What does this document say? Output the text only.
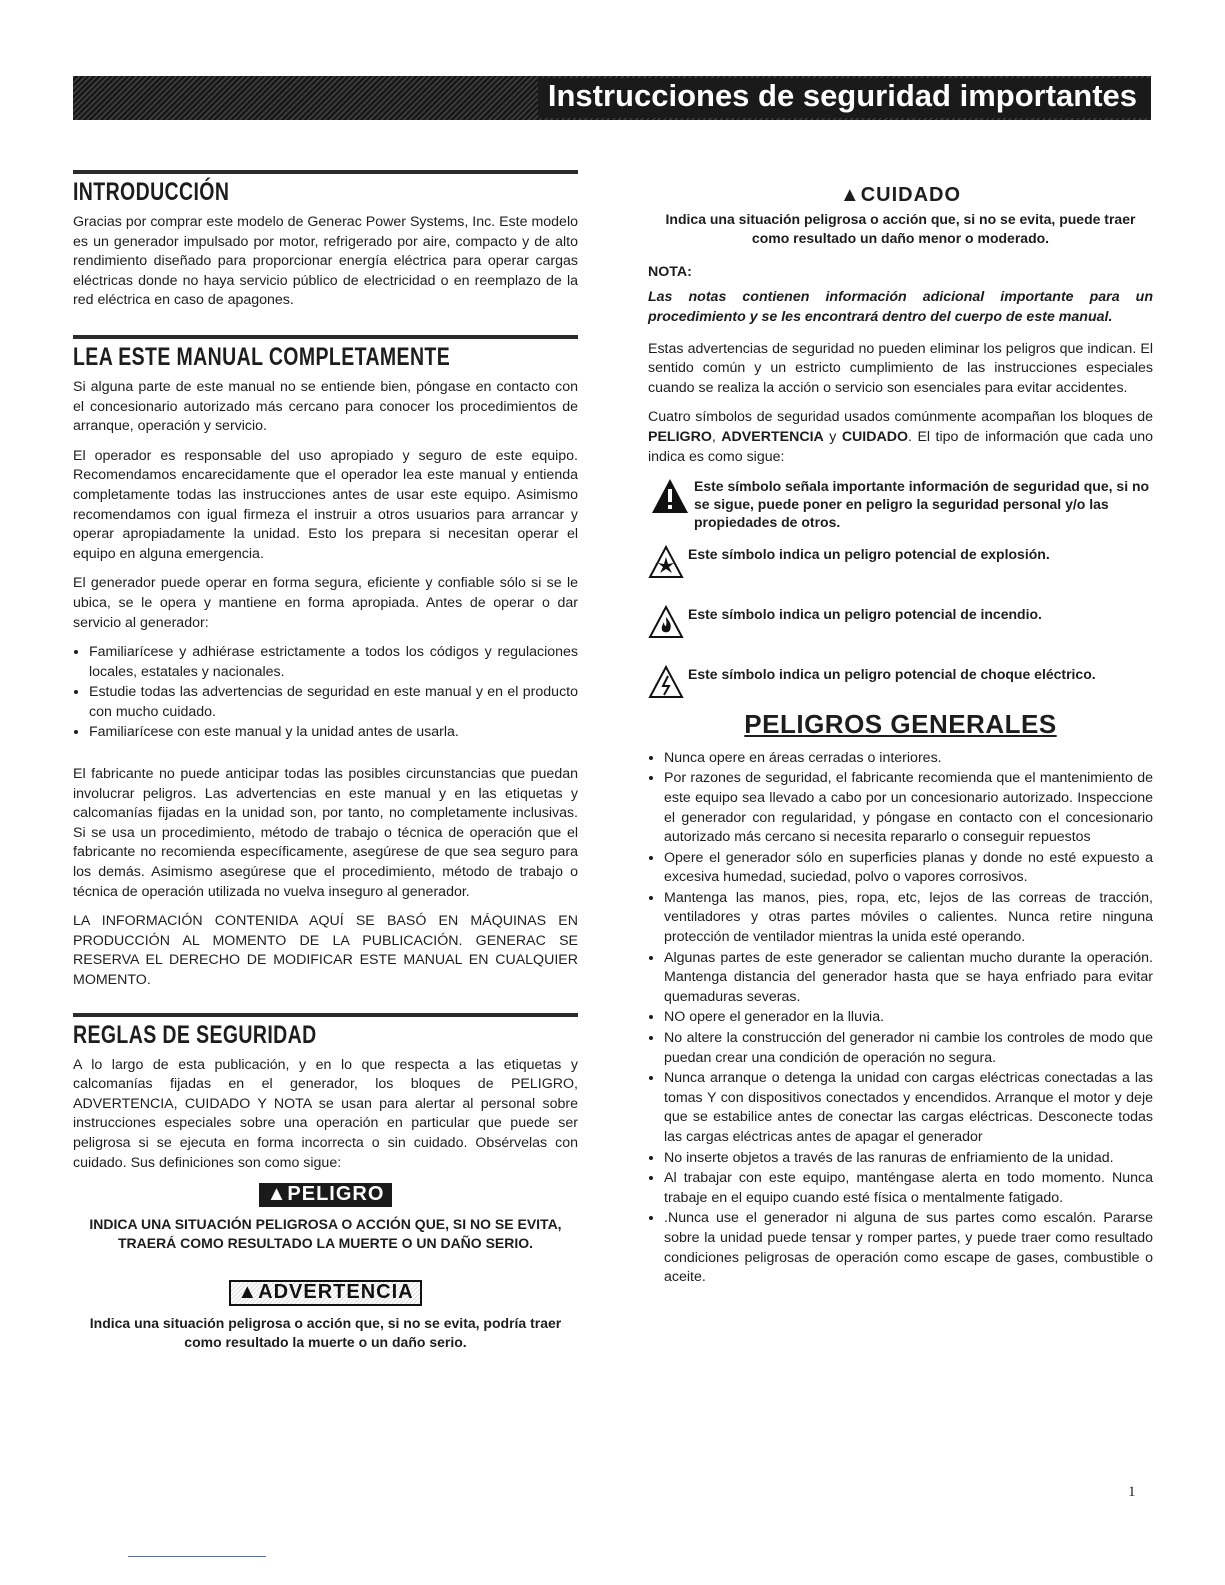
Instrucciones de seguridad importantes
INTRODUCCIÓN

Gracias por comprar este modelo de Generac Power Systems, Inc. Este modelo es un generador impulsado por motor, refrigerado por aire, compacto y de alto rendimiento diseñado para proporcionar energía eléctrica para operar cargas eléctricas donde no haya servicio público de electricidad o en reemplazo de la red eléctrica en caso de apagones.

LEA ESTE MANUAL COMPLETAMENTE

Si alguna parte de este manual no se entiende bien, póngase en contacto con el concesionario autorizado más cercano para conocer los procedimientos de arranque, operación y servicio.

El operador es responsable del uso apropiado y seguro de este equipo. Recomendamos encarecidamente que el operador lea este manual y entienda completamente todas las instrucciones antes de usar este equipo. Asimismo recomendamos con igual firmeza el instruir a otros usuarios para arrancar y operar apropiadamente la unidad. Esto los prepara si necesitan operar el equipo en alguna emergencia.

El generador puede operar en forma segura, eficiente y confiable sólo si se le ubica, se le opera y mantiene en forma apropiada. Antes de operar o dar servicio al generador:

• Familiarícese y adhiérase estrictamente a todos los códigos y regulaciones locales, estatales y nacionales.
• Estudie todas las advertencias de seguridad en este manual y en el producto con mucho cuidado.
• Familiarícese con este manual y la unidad antes de usarla.

El fabricante no puede anticipar todas las posibles circunstancias que puedan involucrar peligros. Las advertencias en este manual y en las etiquetas y calcomanías fijadas en la unidad son, por tanto, no completamente inclusivas. Si se usa un procedimiento, método de trabajo o técnica de operación que el fabricante no recomienda específicamente, asegúrese de que sea seguro para los demás. Asimismo asegúrese que el procedimiento, método de trabajo o técnica de operación utilizada no vuelva inseguro al generador.

LA INFORMACIÓN CONTENIDA AQUÍ SE BASÓ EN MÁQUINAS EN PRODUCCIÓN AL MOMENTO DE LA PUBLICACIÓN. GENERAC SE RESERVA EL DERECHO DE MODIFICAR ESTE MANUAL EN CUALQUIER MOMENTO.

REGLAS DE SEGURIDAD

A lo largo de esta publicación, y en lo que respecta a las etiquetas y calcomanías fijadas en el generador, los bloques de PELIGRO, ADVERTENCIA, CUIDADO Y NOTA se usan para alertar al personal sobre instrucciones especiales sobre una operación en particular que puede ser peligrosa si se ejecuta en forma incorrecta o sin cuidado. Obsérvelas con cuidado. Sus definiciones son como sigue:

▲PELIGRO
INDICA UNA SITUACIÓN PELIGROSA O ACCIÓN QUE, SI NO SE EVITA, TRAERÁ COMO RESULTADO LA MUERTE O UN DAÑO SERIO.
▲ADVERTENCIA
Indica una situación peligrosa o acción que, si no se evita, podría traer como resultado la muerte o un daño serio.
▲CUIDADO
Indica una situación peligrosa o acción que, si no se evita, puede traer como resultado un daño menor o moderado.
NOTA:
Las notas contienen información adicional importante para un procedimiento y se les encontrará dentro del cuerpo de este manual.

Estas advertencias de seguridad no pueden eliminar los peligros que indican. El sentido común y un estricto cumplimiento de las instrucciones especiales cuando se realiza la acción o servicio son esenciales para evitar accidentes.

Cuatro símbolos de seguridad usados comúnmente acompañan los bloques de PELIGRO, ADVERTENCIA y CUIDADO. El tipo de información que cada uno indica es como sigue:

Este símbolo señala importante información de seguridad que, si no se sigue, puede poner en peligro la seguridad personal y/o las propiedades de otros.
Este símbolo indica un peligro potencial de explosión.
Este símbolo indica un peligro potencial de incendio.
Este símbolo indica un peligro potencial de choque eléctrico.
PELIGROS GENERALES
• Nunca opere en áreas cerradas o interiores.
• Por razones de seguridad, el fabricante recomienda que el mantenimiento de este equipo sea llevado a cabo por un concesionario autorizado. Inspeccione el generador con regularidad, y póngase en contacto con el concesionario autorizado más cercano si necesita repararlo o conseguir repuestos
• Opere el generador sólo en superficies planas y donde no esté expuesto a excesiva humedad, suciedad, polvo o vapores corrosivos.
• Mantenga las manos, pies, ropa, etc, lejos de las correas de tracción, ventiladores y otras partes móviles o calientes. Nunca retire ninguna protección de ventilador mientras la unida esté operando.
• Algunas partes de este generador se calientan mucho durante la operación. Mantenga distancia del generador hasta que se haya enfriado para evitar quemaduras severas.
• NO opere el generador en la lluvia.
• No altere la construcción del generador ni cambie los controles de modo que puedan crear una condición de operación no segura.
• Nunca arranque o detenga la unidad con cargas eléctricas conectadas a las tomas Y con dispositivos conectados y encendidos. Arranque el motor y deje que se estabilice antes de conectar las cargas eléctricas. Desconecte todas las cargas eléctricas antes de apagar el generador
• No inserte objetos a través de las ranuras de enfriamiento de la unidad.
• Al trabajar con este equipo, manténgase alerta en todo momento. Nunca trabaje en el equipo cuando esté física o mentalmente fatigado.
• .Nunca use el generador ni alguna de sus partes como escalón. Pararse sobre la unidad puede tensar y romper partes, y puede traer como resultado condiciones peligrosas de operación como escape de gases, combustible o aceite.
1
